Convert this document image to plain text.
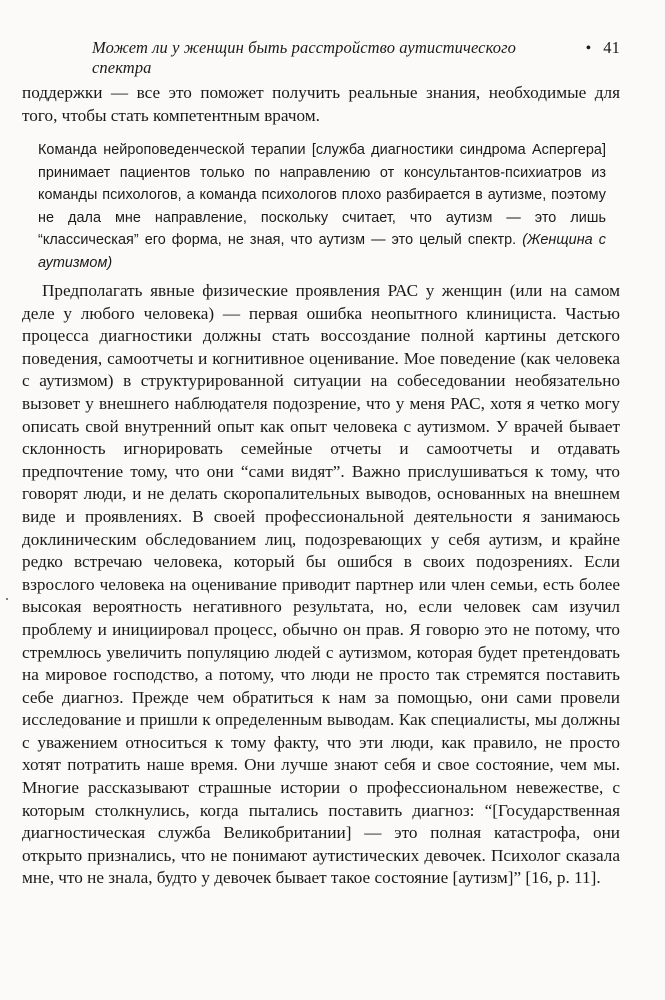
Может ли у женщин быть расстройство аутистического спектра
• 41

поддержки — все это поможет получить реальные знания, необходимые для того, чтобы стать компетентным врачом.

Команда нейроповеденческой терапии [служба диагностики синдрома Аспергера] принимает пациентов только по направлению от консультантов-психиатров из команды психологов, а команда психологов плохо разбирается в аутизме, поэтому не дала мне направление, поскольку считает, что аутизм — это лишь “классическая” его форма, не зная, что аутизм — это целый спектр. (Женщина с аутизмом)

Предполагать явные физические проявления РАС у женщин (или на самом деле у любого человека) — первая ошибка неопытного клинициста. Частью процесса диагностики должны стать воссоздание полной картины детского поведения, самоотчеты и когнитивное оценивание. Мое поведение (как человека с аутизмом) в структурированной ситуации на собеседовании необязательно вызовет у внешнего наблюдателя подозрение, что у меня РАС, хотя я четко могу описать свой внутренний опыт как опыт человека с аутизмом. У врачей бывает склонность игнорировать семейные отчеты и самоотчеты и отдавать предпочтение тому, что они “сами видят”. Важно прислушиваться к тому, что говорят люди, и не делать скоропалительных выводов, основанных на внешнем виде и проявлениях. В своей профессиональной деятельности я занимаюсь доклиническим обследованием лиц, подозревающих у себя аутизм, и крайне редко встречаю человека, который бы ошибся в своих подозрениях. Если взрослого человека на оценивание приводит партнер или член семьи, есть более высокая вероятность негативного результата, но, если человек сам изучил проблему и инициировал процесс, обычно он прав. Я говорю это не потому, что стремлюсь увеличить популяцию людей с аутизмом, которая будет претендовать на мировое господство, а потому, что люди не просто так стремятся поставить себе диагноз. Прежде чем обратиться к нам за помощью, они сами провели исследование и пришли к определенным выводам. Как специалисты, мы должны с уважением относиться к тому факту, что эти люди, как правило, не просто хотят потратить наше время. Они лучше знают себя и свое состояние, чем мы. Многие рассказывают страшные истории о профессиональном невежестве, с которым столкнулись, когда пытались поставить диагноз: “[Государственная диагностическая служба Великобритании] — это полная катастрофа, они открыто признались, что не понимают аутистических девочек. Психолог сказала мне, что не знала, будто у девочек бывает такое состояние [аутизм]” [16, p. 11].
